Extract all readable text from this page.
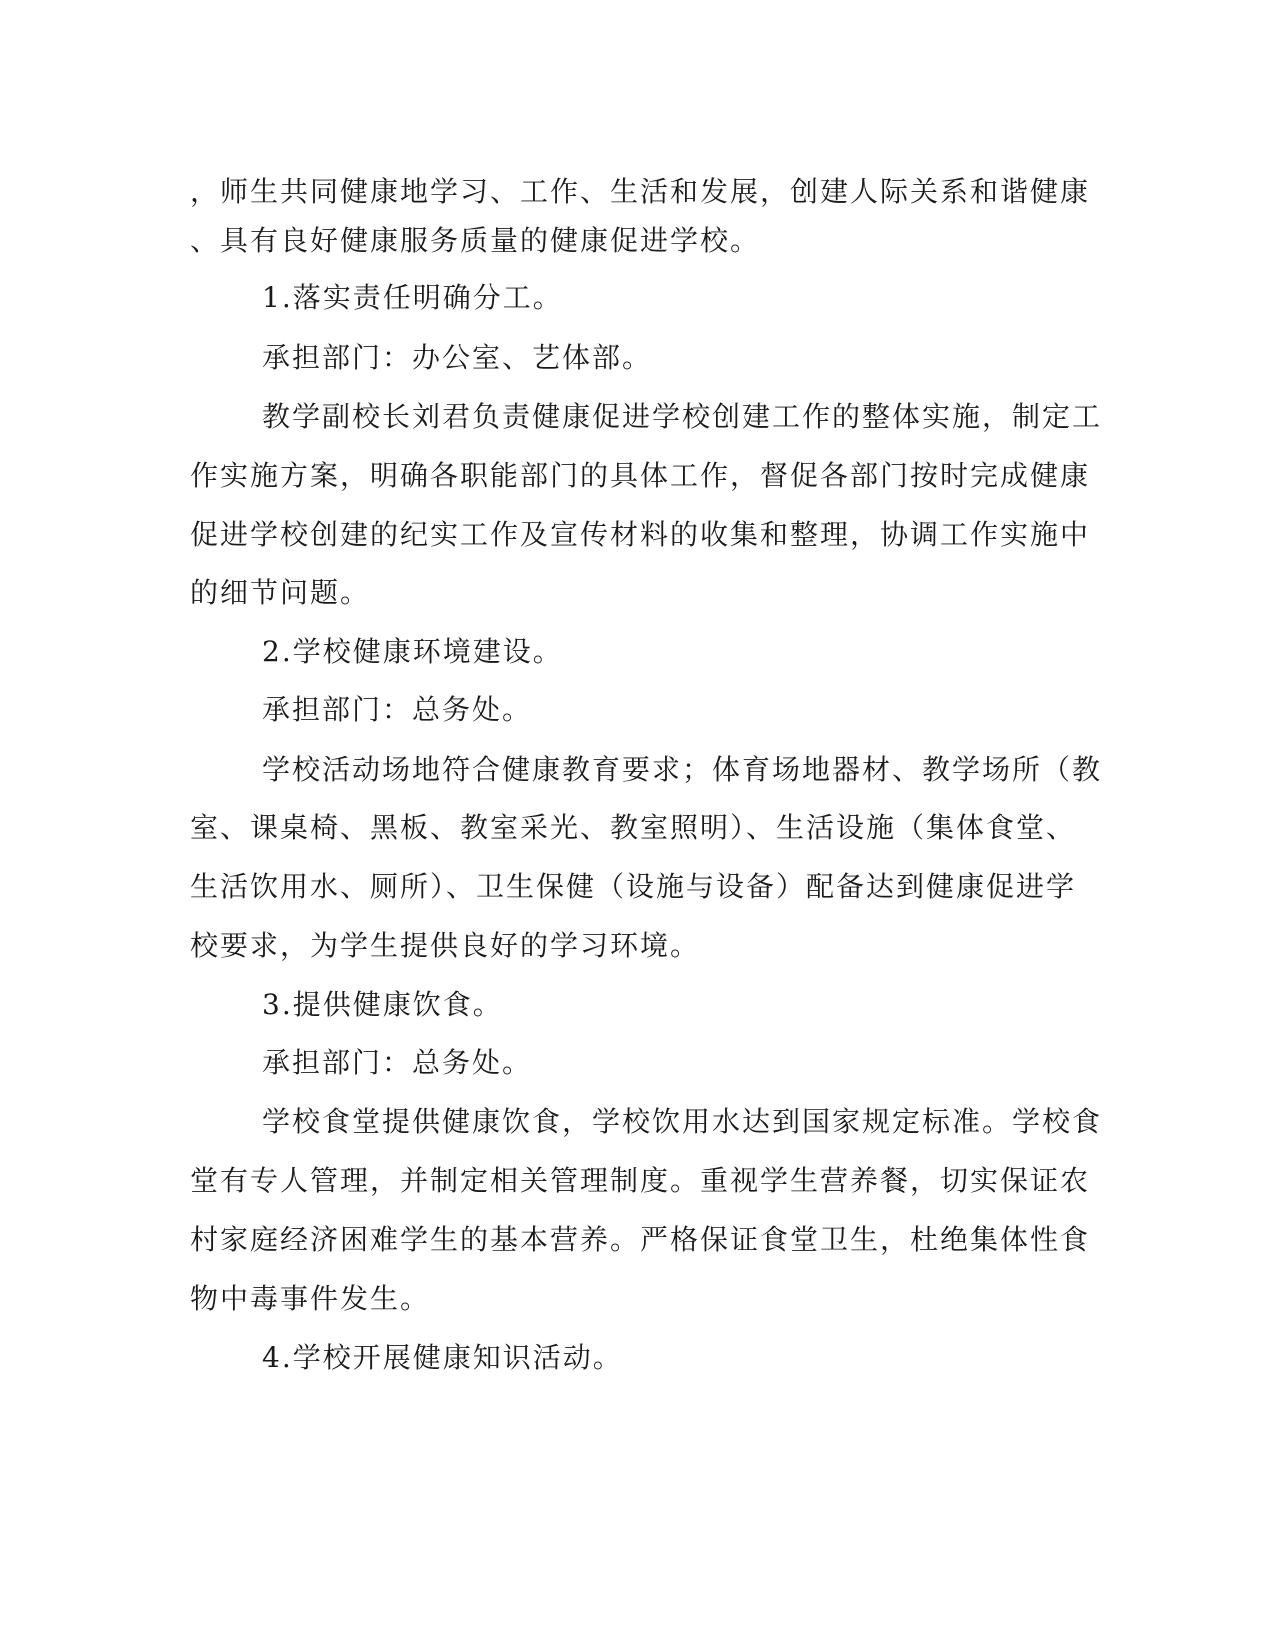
，师生共同健康地学习、工作、生活和发展，创建人际关系和谐健康

、具有良好健康服务质量的健康促进学校。

1.落实责任明确分工。

承担部门：办公室、艺体部。

教学副校长刘君负责健康促进学校创建工作的整体实施，制定工

作实施方案，明确各职能部门的具体工作，督促各部门按时完成健康

促进学校创建的纪实工作及宣传材料的收集和整理，协调工作实施中

的细节问题。

2.学校健康环境建设。

承担部门：总务处。

学校活动场地符合健康教育要求；体育场地器材、教学场所（教

室、课桌椅、黑板、教室采光、教室照明）、生活设施（集体食堂、

生活饮用水、厕所）、卫生保健（设施与设备）配备达到健康促进学

校要求，为学生提供良好的学习环境。

3.提供健康饮食。

承担部门：总务处。

学校食堂提供健康饮食，学校饮用水达到国家规定标准。学校食

堂有专人管理，并制定相关管理制度。重视学生营养餐，切实保证农

村家庭经济困难学生的基本营养。严格保证食堂卫生，杜绝集体性食

物中毒事件发生。

4.学校开展健康知识活动。
